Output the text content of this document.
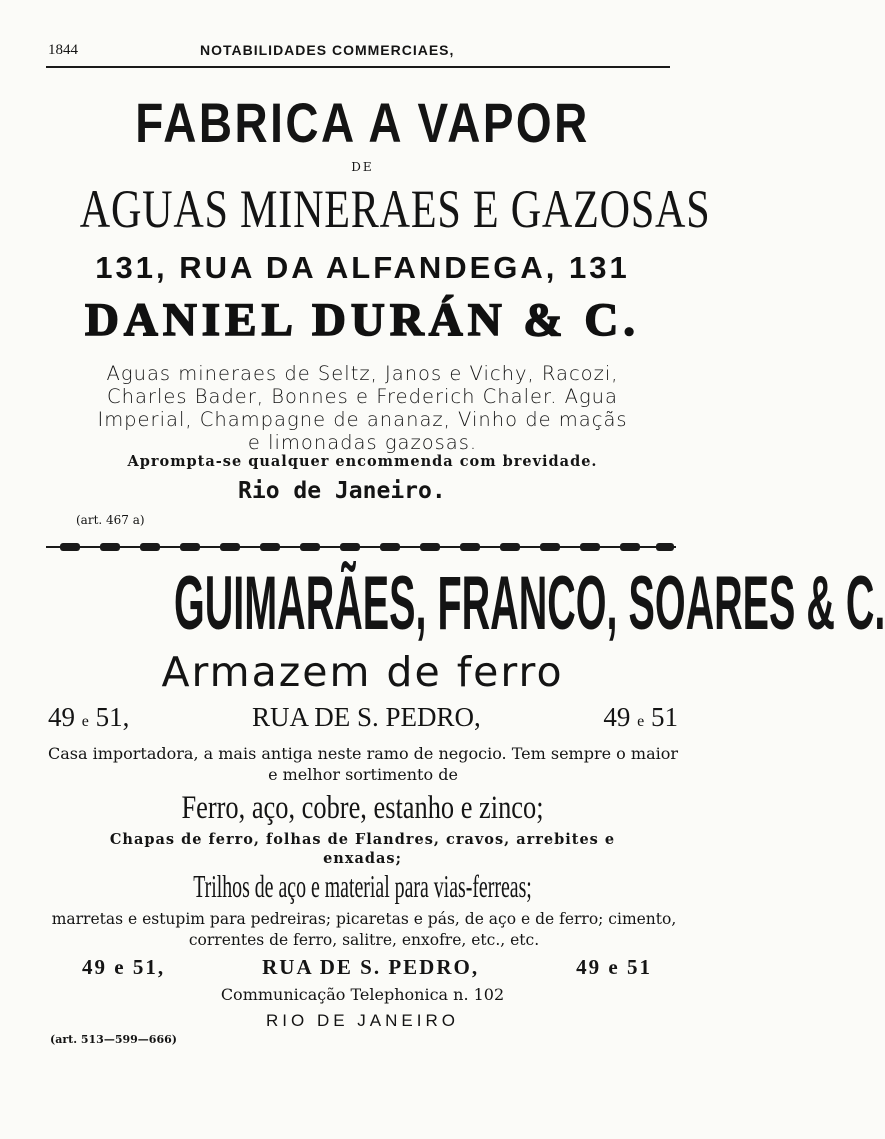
1844	NOTABILIDADES COMMERCIAES,
FABRICA A VAPOR
DE
AGUAS MINERAES E GAZOSAS
131, RUA DA ALFANDEGA, 131
DANIEL DURÁN & C.
Aguas mineraes de Seltz, Janos e Vichy, Racozi,
Charles Bader, Bonnes e Frederich Chaler. Agua
Imperial, Champagne de ananaz, Vinho de maçãs
e limonadas gazosas.
Apromptа-se qualquer encommenda com brevidade.
Rio de Janeiro.
(art. 467 a)
GUIMARÃES, FRANCO, SOARES & C.
Armazem de ferro
49 e 51,	RUA DE S. PEDRO,	49 e 51
Casa importadora, a mais antiga neste ramo de negocio. Tem sempre o maior e melhor sortimento de
Ferro, aço, cobre, estanho e zinco;
Chapas de ferro, folhas de Flandres, cravos, arrebites e enxadas;
Trilhos de aço e material para vias-ferreas;
marretas e estupim para pedreiras; picaretas e pás, de aço e de ferro; cimento, correntes de ferro, salitre, enxofre, etc., etc.
49 e 51,	RUA DE S. PEDRO,	49 e 51
Communicação Telephonica n. 102
RIO DE JANEIRO
(art. 513—599—666)
